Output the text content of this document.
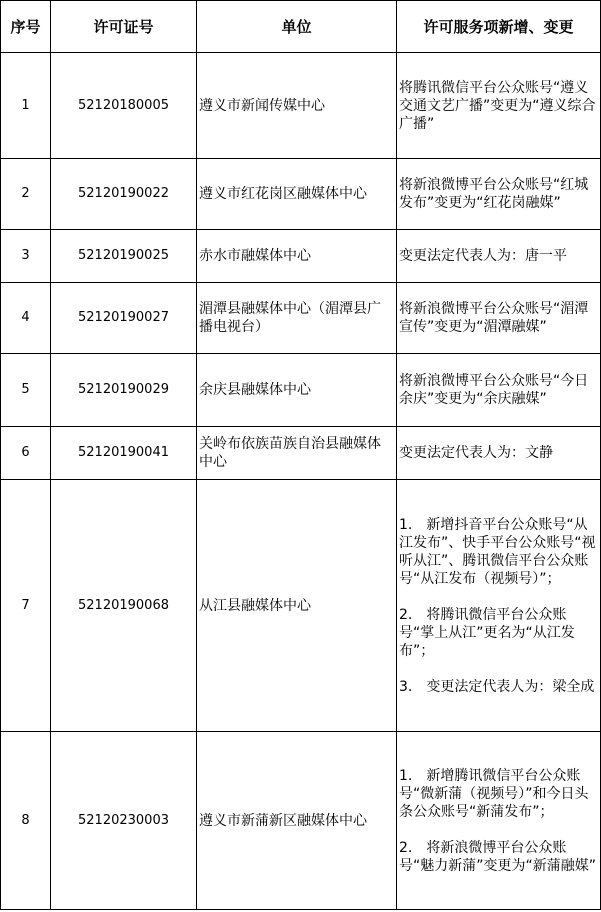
序号	许可证号	单位	许可服务项新增、变更
1	52120180005	遵义市新闻传媒中心	将腾讯微信平台公众账号“遵义交通文艺广播”变更为“遵义综合广播”

2	52120190022	遵义市红花岗区融媒体中心	将新浪微博平台公众账号“红城发布”变更为“红花岗融媒”

3	52120190025	赤水市融媒体中心	变更法定代表人为：唐一平

4	52120190027	湄潭县融媒体中心（湄潭县广播电视台）	将新浪微博平台公众账号“湄潭宣传”变更为“湄潭融媒”

5	52120190029	余庆县融媒体中心	将新浪微博平台公众账号“今日余庆”变更为“余庆融媒”

6	52120190041	关岭布依族苗族自治县融媒体中心	变更法定代表人为：文静

7	52120190068	从江县融媒体中心	1.　新增抖音平台公众账号“从江发布”、快手平台公众账号“视听从江”、腾讯微信平台公众账号“从江发布（视频号）”；
2.　将腾讯微信平台公众账号“掌上从江”更名为“从江发布”；
3.　变更法定代表人为：梁全成

8	52120230003	遵义市新蒲新区融媒体中心	1.　新增腾讯微信平台公众账号“微新蒲（视频号）”和今日头条公众账号“新蒲发布”；
2.　将新浪微博平台公众账号“魅力新蒲”变更为“新蒲融媒”
